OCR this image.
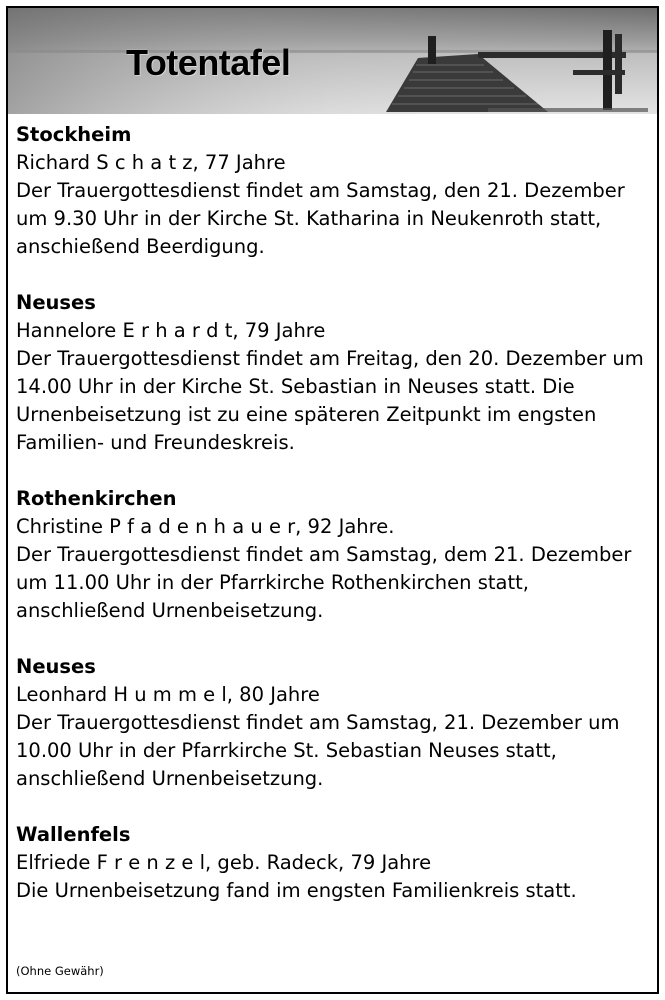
Totentafel
Stockheim
Richard S c h a t z, 77 Jahre
Der Trauergottesdienst findet am Samstag, den 21. Dezember
um 9.30 Uhr in der Kirche St. Katharina in Neukenroth statt,
anschießend Beerdigung.
Neuses
Hannelore E r h a r d t, 79 Jahre
Der Trauergottesdienst findet am Freitag, den 20. Dezember um
14.00 Uhr in der Kirche St. Sebastian in Neuses statt. Die
Urnenbeisetzung ist zu eine späteren Zeitpunkt im engsten
Familien- und Freundeskreis.
Rothenkirchen
Christine P f a d e n h a u e r, 92 Jahre.
Der Trauergottesdienst findet am Samstag, dem 21. Dezember
um 11.00 Uhr in der Pfarrkirche Rothenkirchen statt,
anschließend Urnenbeisetzung.
Neuses
Leonhard H u m m e l, 80 Jahre
Der Trauergottesdienst findet am Samstag, 21. Dezember um
10.00 Uhr in der Pfarrkirche St. Sebastian Neuses statt,
anschließend Urnenbeisetzung.
Wallenfels
Elfriede F r e n z e l, geb. Radeck, 79 Jahre
Die Urnenbeisetzung fand im engsten Familienkreis statt.
(Ohne Gewähr)
